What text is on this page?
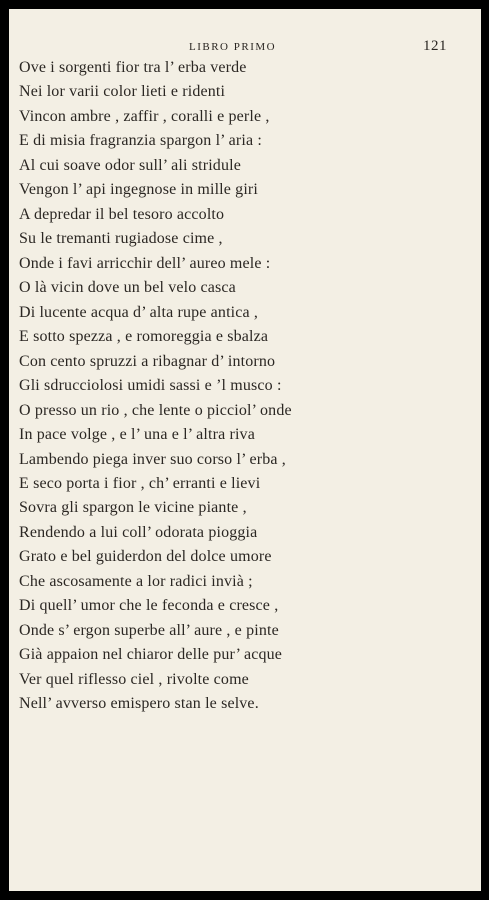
LIBRO PRIMO	121
Ove i sorgenti fior tra l’ erba verde
Nei lor varii color lieti e ridenti
Vincon ambre , zaffir , coralli e perle ,
E di misia fragranzia spargon l’ aria :
Al cui soave odor sull’ ali stridule
Vengon l’ api ingegnose in mille giri
A depredar il bel tesoro accolto
Su le tremanti rugiadose cime ,
Onde i favi arricchir dell’ aureo mele :
O là vicin dove un bel velo casca
Di lucente acqua d’ alta rupe antica ,
E sotto spezza , e romoreggia e sbalza
Con cento spruzzi a ribagnar d’ intorno
Gli sdrucciolosi umidi sassi e ’l musco :
O presso un rio , che lente o picciol’ onde
In pace volge , e l’ una e l’ altra riva
Lambendo piega inver suo corso l’ erba ,
E seco porta i fior , ch’ erranti e lievi
Sovra gli spargon le vicine piante ,
Rendendo a lui coll’ odorata pioggia
Grato e bel guiderdon del dolce umore
Che ascosamente a lor radici invià ;
Di quell’ umor che le feconda e cresce ,
Onde s’ ergon superbe all’ aure , e pinte
Già appaion nel chiaror delle pur’ acque
Ver quel riflesso ciel , rivolte come
Nell’ avverso emispero stan le selve.
